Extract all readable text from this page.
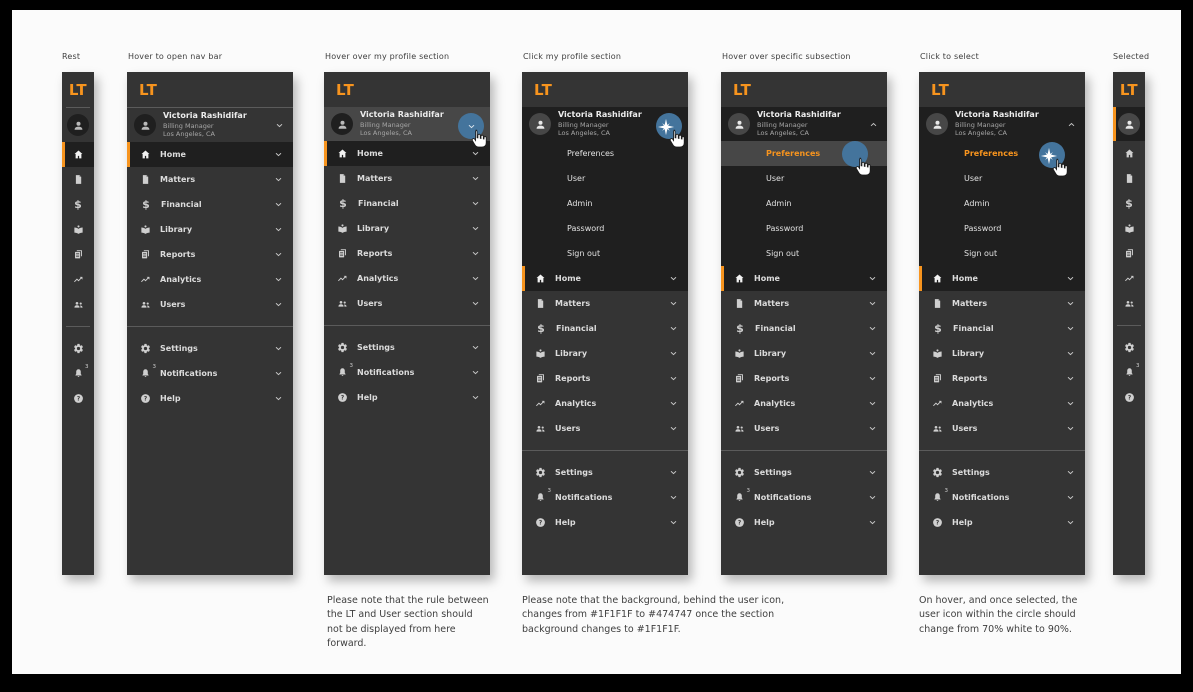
Rest	Hover to open nav bar	Hover over my profile section	Click my profile section	Hover over specific subsection	Click to select	Selected
LT
$
$^3$
?
LT
Victoria Rashidifar
Billing Manager
Los Angeles, CA
Home
Matters
$ Financial
Library
Reports
Analytics
Users
Settings
$^3$
Notifications
? Help
LT
Victoria Rashidifar
Billing Manager
Los Angeles, CA
Home
Matters
$ Financial
Library
Reports
Analytics
Users
Settings
$^3$
Notifications
? Help
LT
Victoria Rashidifar
Billing Manager
Los Angeles, CA
Preferences
User
Admin
Password
Sign out
Home
Matters
$ Financial
Library
Reports
Analytics
Users
Settings
$^3$
Notifications
? Help
LT
Victoria Rashidifar
Billing Manager
Los Angeles, CA
Preferences
User
Admin
Password
Sign out
Home
Matters
$ Financial
Library
Reports
Analytics
Users
Settings
$^3$
Notifications
? Help
LT
Victoria Rashidifar
Billing Manager
Los Angeles, CA
Preferences
User
Admin
Password
Sign out
Home
Matters
$ Financial
Library
Reports
Analytics
Users
Settings
$^3$
Notifications
? Help
LT
$
$^3$
?
Please note that the rule between the LT and User section should not be displayed from here forward.
Please note that the background, behind the user icon, changes from #1F1F1F to #474747 once the section background changes to #1F1F1F.
On hover, and once selected, the user icon within the circle should change from 70% white to 90%.
